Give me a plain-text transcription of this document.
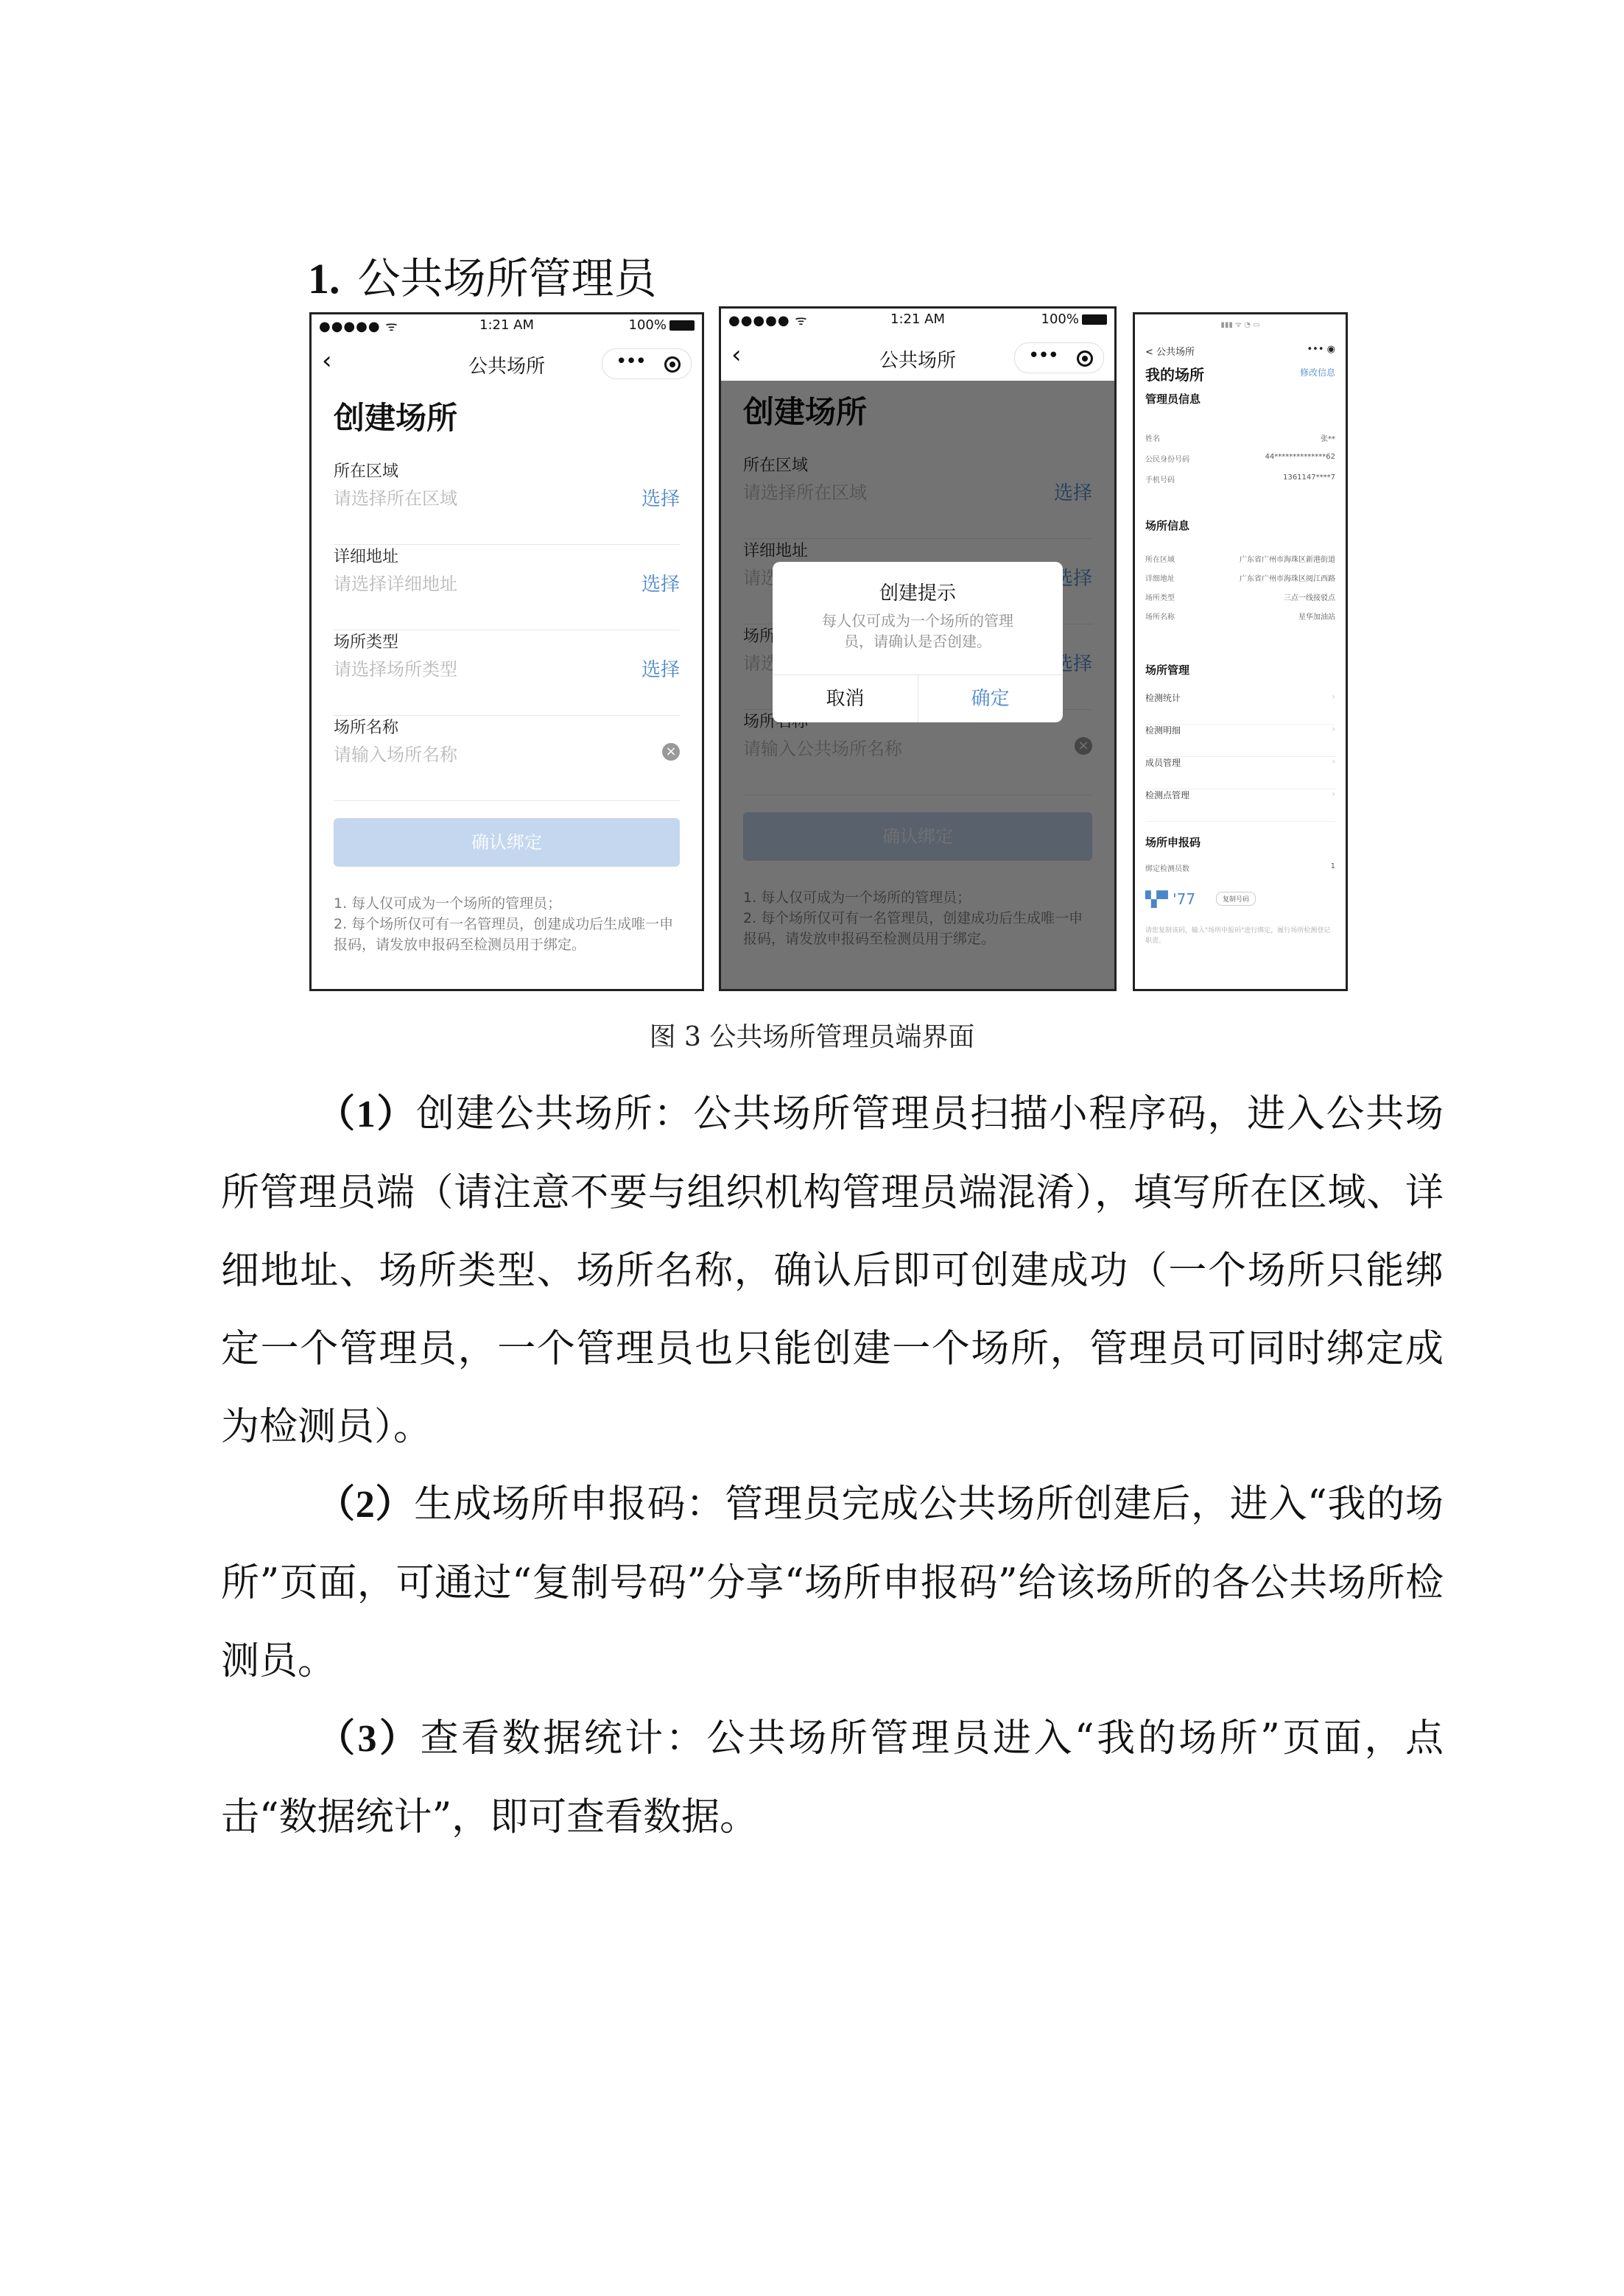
1. 公共场所管理员
●●●●● ᯤ	1:21 AM	100%
‹	公共场所	•••
创建场所
所在区域
请选择所在区域	选择
详细地址
请选择详细地址	选择
场所类型
请选择场所类型	选择
场所名称
请输入场所名称	×
确认绑定
1. 每人仅可成为一个场所的管理员；
2. 每个场所仅可有一名管理员，创建成功后生成唯一申报码，请发放申报码至检测员用于绑定。
●●●●● ᯤ	1:21 AM	100%
‹	公共场所	•••
创建提示
每人仅可成为一个场所的管理员，请确认是否创建。
取消	确定
▮▮▮ ᯤ ◔ ▭
< 公共场所	••• ◉
我的场所	修改信息
管理员信息
姓名	张**
公民身份号码	44**************62
手机号码	1361147****7
场所信息
所在区域	广东省广州市海珠区新港街道
详细地址	广东省广州市海珠区阅江西路
场所类型	三点一线接驳点
场所名称	星华加油站
场所管理
检测统计	›
检测明细	›
成员管理	›
检测点管理	›
场所申报码
绑定检测员数	1
▚▀ '77	复制号码
请您复制该码，输入"场所申报码"进行绑定，履行场所检测登记职责。
图 3 公共场所管理员端界面
（1）创建公共场所：公共场所管理员扫描小程序码，进入公共场所管理员端（请注意不要与组织机构管理员端混淆），填写所在区域、详细地址、场所类型、场所名称，确认后即可创建成功（一个场所只能绑定一个管理员，一个管理员也只能创建一个场所，管理员可同时绑定成为检测员）。
（2）生成场所申报码：管理员完成公共场所创建后，进入“我的场所”页面，可通过“复制号码”分享“场所申报码”给该场所的各公共场所检测员。
（3）查看数据统计：公共场所管理员进入“我的场所”页面，点击“数据统计”，即可查看数据。
